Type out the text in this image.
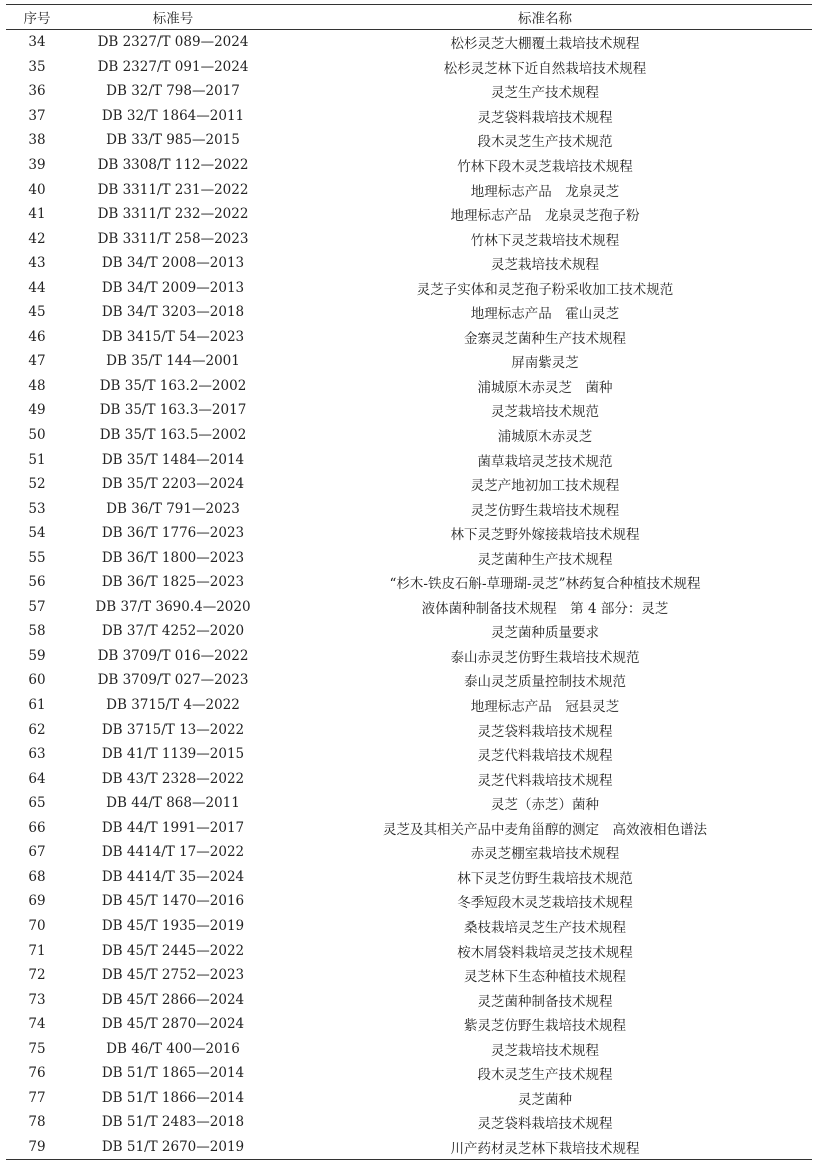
序号	标准号	标准名称
34	DB 2327/T 089—2024	松杉灵芝大棚覆土栽培技术规程
35	DB 2327/T 091—2024	松杉灵芝林下近自然栽培技术规程
36	DB 32/T 798—2017	灵芝生产技术规程
37	DB 32/T 1864—2011	灵芝袋料栽培技术规程
38	DB 33/T 985—2015	段木灵芝生产技术规范
39	DB 3308/T 112—2022	竹林下段木灵芝栽培技术规程
40	DB 3311/T 231—2022	地理标志产品　龙泉灵芝
41	DB 3311/T 232—2022	地理标志产品　龙泉灵芝孢子粉
42	DB 3311/T 258—2023	竹林下灵芝栽培技术规程
43	DB 34/T 2008—2013	灵芝栽培技术规程
44	DB 34/T 2009—2013	灵芝子实体和灵芝孢子粉采收加工技术规范
45	DB 34/T 3203—2018	地理标志产品　霍山灵芝
46	DB 3415/T 54—2023	金寨灵芝菌种生产技术规程
47	DB 35/T 144—2001	屏南紫灵芝
48	DB 35/T 163.2—2002	浦城原木赤灵芝　菌种
49	DB 35/T 163.3—2017	灵芝栽培技术规范
50	DB 35/T 163.5—2002	浦城原木赤灵芝
51	DB 35/T 1484—2014	菌草栽培灵芝技术规范
52	DB 35/T 2203—2024	灵芝产地初加工技术规程
53	DB 36/T 791—2023	灵芝仿野生栽培技术规程
54	DB 36/T 1776—2023	林下灵芝野外嫁接栽培技术规程
55	DB 36/T 1800—2023	灵芝菌种生产技术规程
56	DB 36/T 1825—2023	“杉木-铁皮石斛-草珊瑚-灵芝”林药复合种植技术规程
57	DB 37/T 3690.4—2020	液体菌种制备技术规程　第 4 部分：灵芝
58	DB 37/T 4252—2020	灵芝菌种质量要求
59	DB 3709/T 016—2022	泰山赤灵芝仿野生栽培技术规范
60	DB 3709/T 027—2023	泰山灵芝质量控制技术规范
61	DB 3715/T 4—2022	地理标志产品　冠县灵芝
62	DB 3715/T 13—2022	灵芝袋料栽培技术规程
63	DB 41/T 1139—2015	灵芝代料栽培技术规程
64	DB 43/T 2328—2022	灵芝代料栽培技术规程
65	DB 44/T 868—2011	灵芝（赤芝）菌种
66	DB 44/T 1991—2017	灵芝及其相关产品中麦角甾醇的测定　高效液相色谱法
67	DB 4414/T 17—2022	赤灵芝棚室栽培技术规程
68	DB 4414/T 35—2024	林下灵芝仿野生栽培技术规范
69	DB 45/T 1470—2016	冬季短段木灵芝栽培技术规程
70	DB 45/T 1935—2019	桑枝栽培灵芝生产技术规程
71	DB 45/T 2445—2022	桉木屑袋料栽培灵芝技术规程
72	DB 45/T 2752—2023	灵芝林下生态种植技术规程
73	DB 45/T 2866—2024	灵芝菌种制备技术规程
74	DB 45/T 2870—2024	紫灵芝仿野生栽培技术规程
75	DB 46/T 400—2016	灵芝栽培技术规程
76	DB 51/T 1865—2014	段木灵芝生产技术规程
77	DB 51/T 1866—2014	灵芝菌种
78	DB 51/T 2483—2018	灵芝袋料栽培技术规程
79	DB 51/T 2670—2019	川产药材灵芝林下栽培技术规程
